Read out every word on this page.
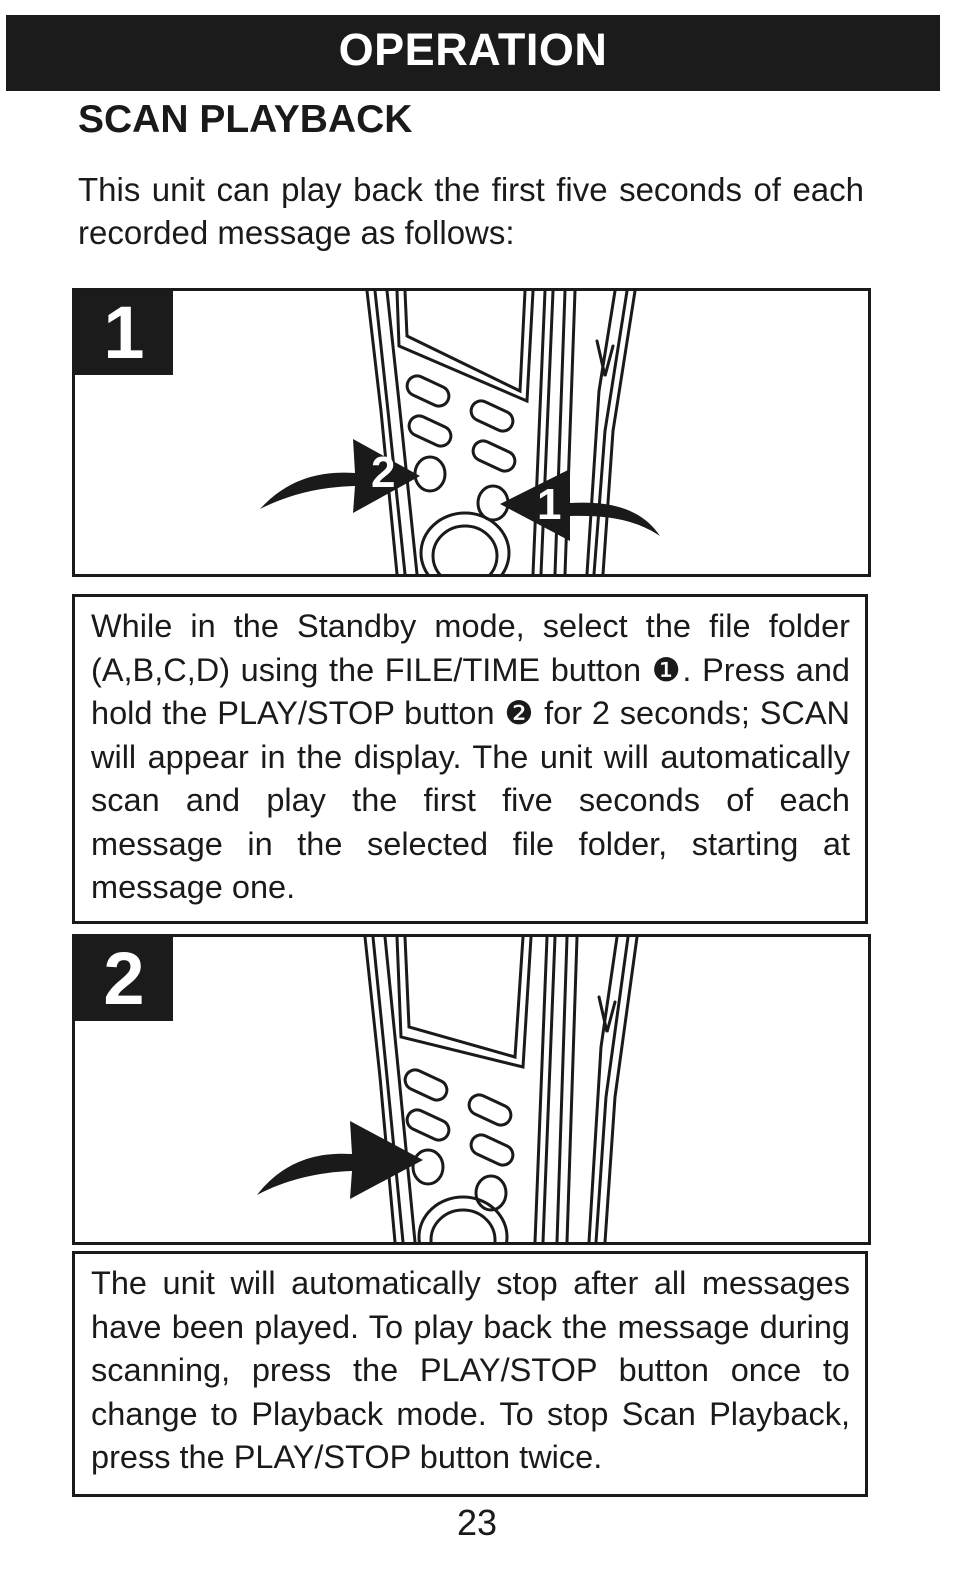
OPERATION
SCAN PLAYBACK
This unit can play back the first five seconds of each recorded message as follows:
2
1
1
While in the Standby mode, select the file folder (A,B,C,D) using the FILE/TIME button ❶. Press and hold the PLAY/STOP button ❷ for 2 seconds; SCAN will appear in the display. The unit will automatically scan and play the first five seconds of each message in the selected file folder, starting at message one.
2
The unit will automatically stop after all messages have been played. To play back the message during scanning, press the PLAY/STOP button once to change to Playback mode. To stop Scan Playback, press the PLAY/STOP button twice.
23
